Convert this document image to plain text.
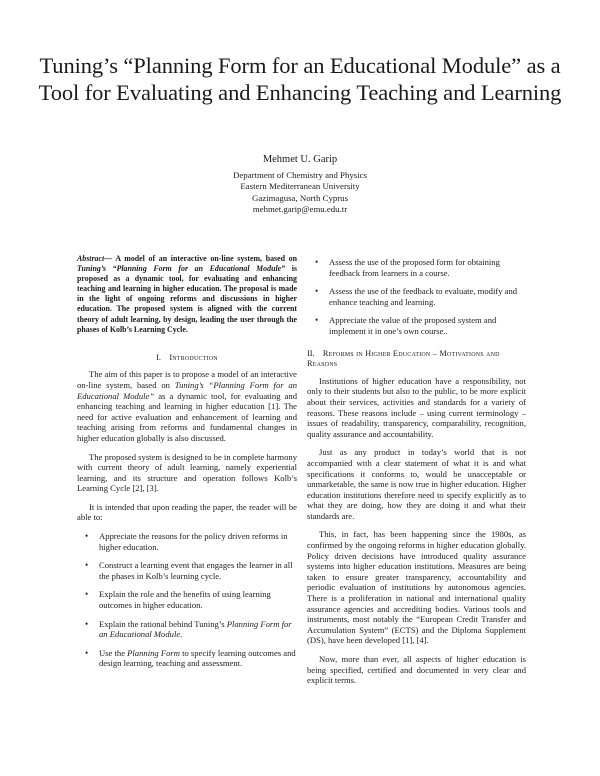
Tuning’s “Planning Form for an Educational Module” as a Tool for Evaluating and Enhancing Teaching and Learning
Mehmet U. Garip
Department of Chemistry and Physics
Eastern Mediterranean University
Gazimagusa, North Cyprus
mehmet.garip@emu.edu.tr

Abstract— A model of an interactive on-line system, based on Tuning’s “Planning Form for an Educational Module” is proposed as a dynamic tool, for evaluating and enhancing teaching and learning in higher education. The proposal is made in the light of ongoing reforms and discussions in higher education. The proposed system is aligned with the current theory of adult learning, by design, leading the user through the phases of Kolb’s Learning Cycle.

I. Introduction

The aim of this paper is to propose a model of an interactive on-line system, based on Tuning’s “Planning Form for an Educational Module” as a dynamic tool, for evaluating and enhancing teaching and learning in higher education [1]. The need for active evaluation and enhancement of learning and teaching arising from reforms and fundamental changes in higher education globally is also discussed.

The proposed system is designed to be in complete harmony with current theory of adult learning, namely experiential learning, and its structure and operation follows Kolb’s Learning Cycle [2], [3].

It is intended that upon reading the paper, the reader will be able to:

• Appreciate the reasons for the policy driven reforms in higher education.
• Construct a learning event that engages the learner in all the phases in Kolb’s learning cycle.
• Explain the role and the benefits of using learning outcomes in higher education.
• Explain the rational behind Tuning’s Planning Form for an Educational Module.
• Use the Planning Form to specify learning outcomes and design learning, teaching and assessment.
• Assess the use of the proposed form for obtaining feedback from learners in a course.
• Assess the use of the feedback to evaluate, modify and enhance teaching and learning.
• Appreciate the value of the proposed system and implement it in one’s own course..
II. Reforms in Higher Education – Motivations and Reasons

Institutions of higher education have a responsibility, not only to their students but also to the public, to be more explicit about their services, activities and standards for a variety of reasons. These reasons include – using current terminology – issues of readability, transparency, comparability, recognition, quality assurance and accountability.

Just as any product in today’s world that is not accompanied with a clear statement of what it is and what specifications it conforms to, would be unacceptable or unmarketable, the same is now true in higher education. Higher education institutions therefore need to specify explicitly as to what they are doing, how they are doing it and what their standards are.

This, in fact, has been happening since the 1980s, as confirmed by the ongoing reforms in higher education globally. Policy driven decisions have introduced quality assurance systems into higher education institutions. Measures are being taken to ensure greater transparency, accountability and periodic evaluation of institutions by autonomous agencies. There is a proliferation in national and international quality assurance agencies and accrediting bodies. Various tools and instruments, most notably the “European Credit Transfer and Accumulation System” (ECTS) and the Diploma Supplement (DS), have been developed [1], [4].

Now, more than ever, all aspects of higher education is being specified, certified and documented in very clear and explicit terms.
